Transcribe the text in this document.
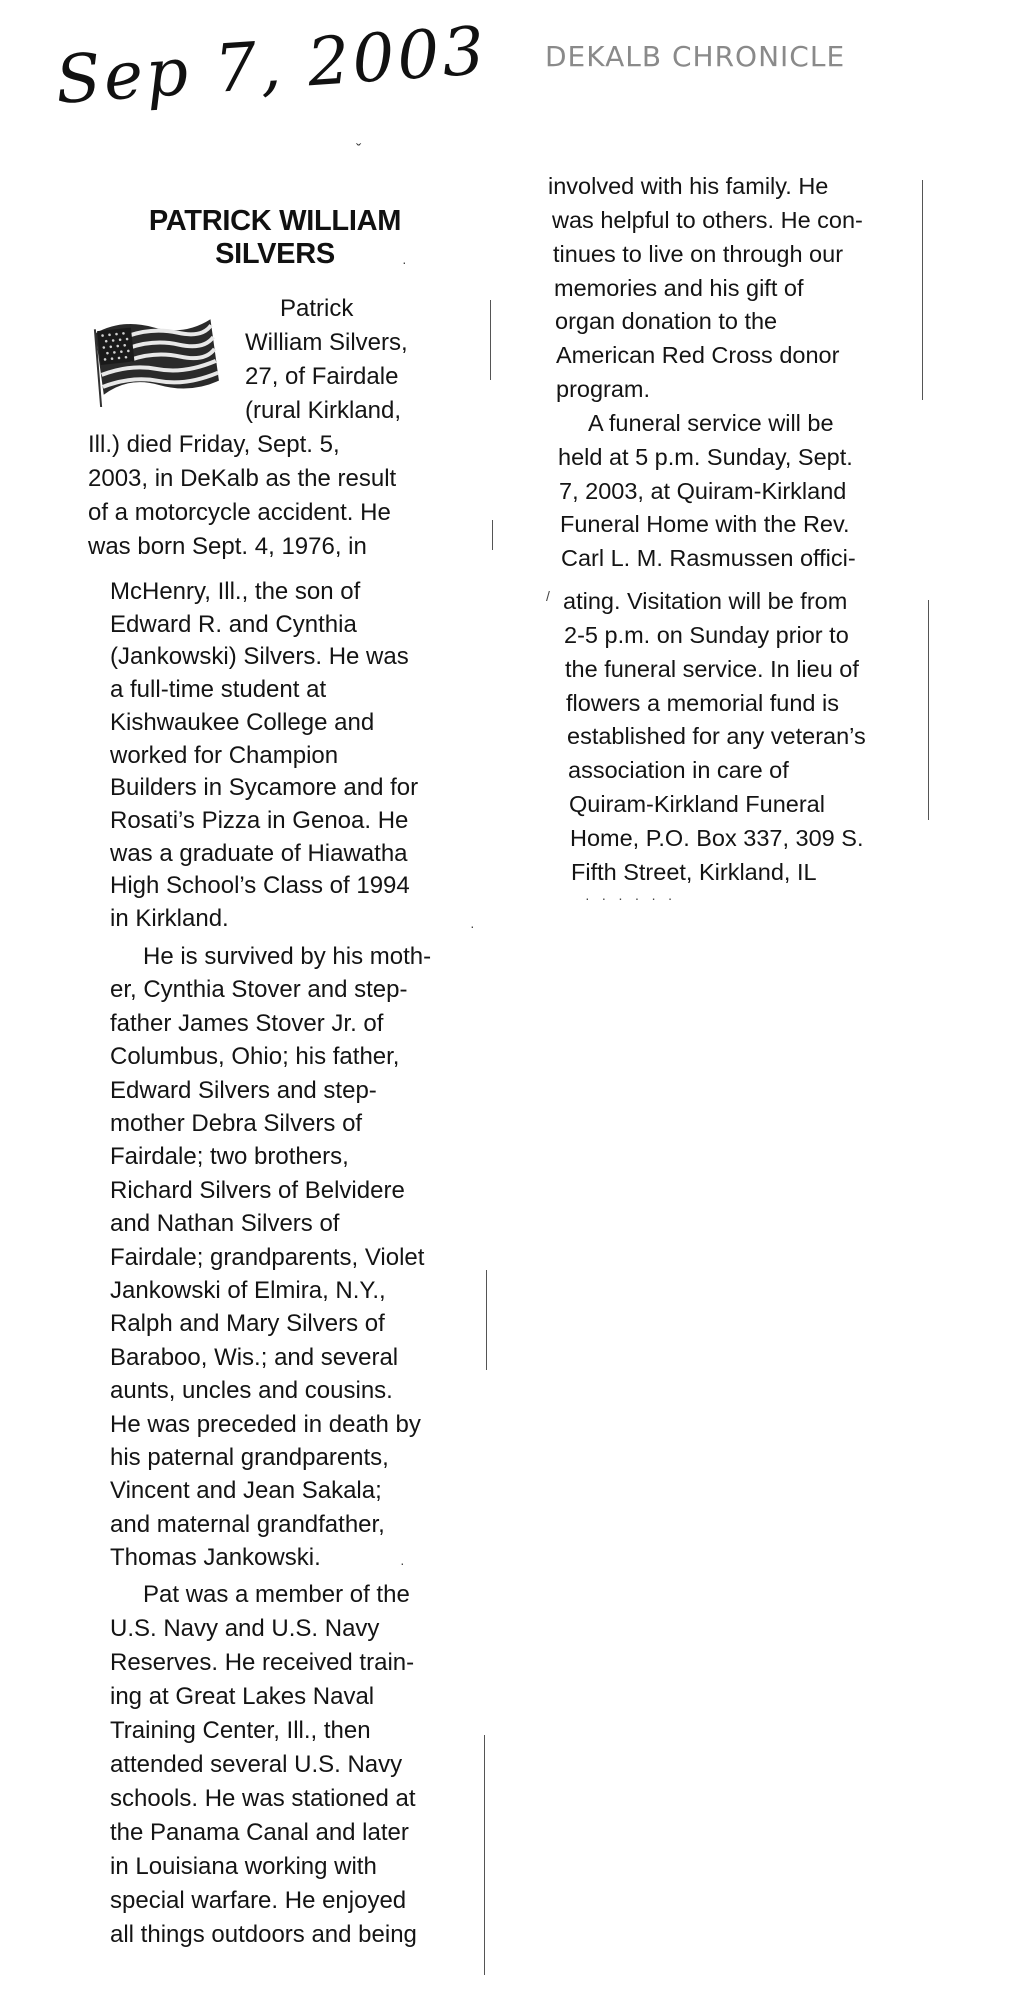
Sep 7, 2003
ˇ
DEKALB CHRONICLE
PATRICK WILLIAM SILVERS
Patrick
William Silvers,
27, of Fairdale
(rural Kirkland,
Ill.) died Friday, Sept. 5,
2003, in DeKalb as the result
of a motorcycle accident. He
was born Sept. 4, 1976, in
McHenry, Ill., the son of
Edward R. and Cynthia
(Jankowski) Silvers. He was
a full-time student at
Kishwaukee College and
worked for Champion
Builders in Sycamore and for
Rosati’s Pizza in Genoa. He
was a graduate of Hiawatha
High School’s Class of 1994
in Kirkland.
He is survived by his moth-
er, Cynthia Stover and step-
father James Stover Jr. of
Columbus, Ohio; his father,
Edward Silvers and step-
mother Debra Silvers of
Fairdale; two brothers,
Richard Silvers of Belvidere
and Nathan Silvers of
Fairdale; grandparents, Violet
Jankowski of Elmira, N.Y.,
Ralph and Mary Silvers of
Baraboo, Wis.; and several
aunts, uncles and cousins.
He was preceded in death by
his paternal grandparents,
Vincent and Jean Sakala;
and maternal grandfather,
Thomas Jankowski.
Pat was a member of the
U.S. Navy and U.S. Navy
Reserves. He received train-
ing at Great Lakes Naval
Training Center, Ill., then
attended several U.S. Navy
schools. He was stationed at
the Panama Canal and later
in Louisiana working with
special warfare. He enjoyed
all things outdoors and being
involved with his family. He
was helpful to others. He con-
tinues to live on through our
memories and his gift of
organ donation to the
American Red Cross donor
program.
A funeral service will be
held at 5 p.m. Sunday, Sept.
7, 2003, at Quiram-Kirkland
Funeral Home with the Rev.
Carl L. M. Rasmussen offici-
ating. Visitation will be from
2-5 p.m. on Sunday prior to
the funeral service. In lieu of
flowers a memorial fund is
established for any veteran’s
association in care of
Quiram-Kirkland Funeral
Home, P.O. Box 337, 309 S.
Fifth Street, Kirkland, IL
· · · · · ·
/
·
·
·
